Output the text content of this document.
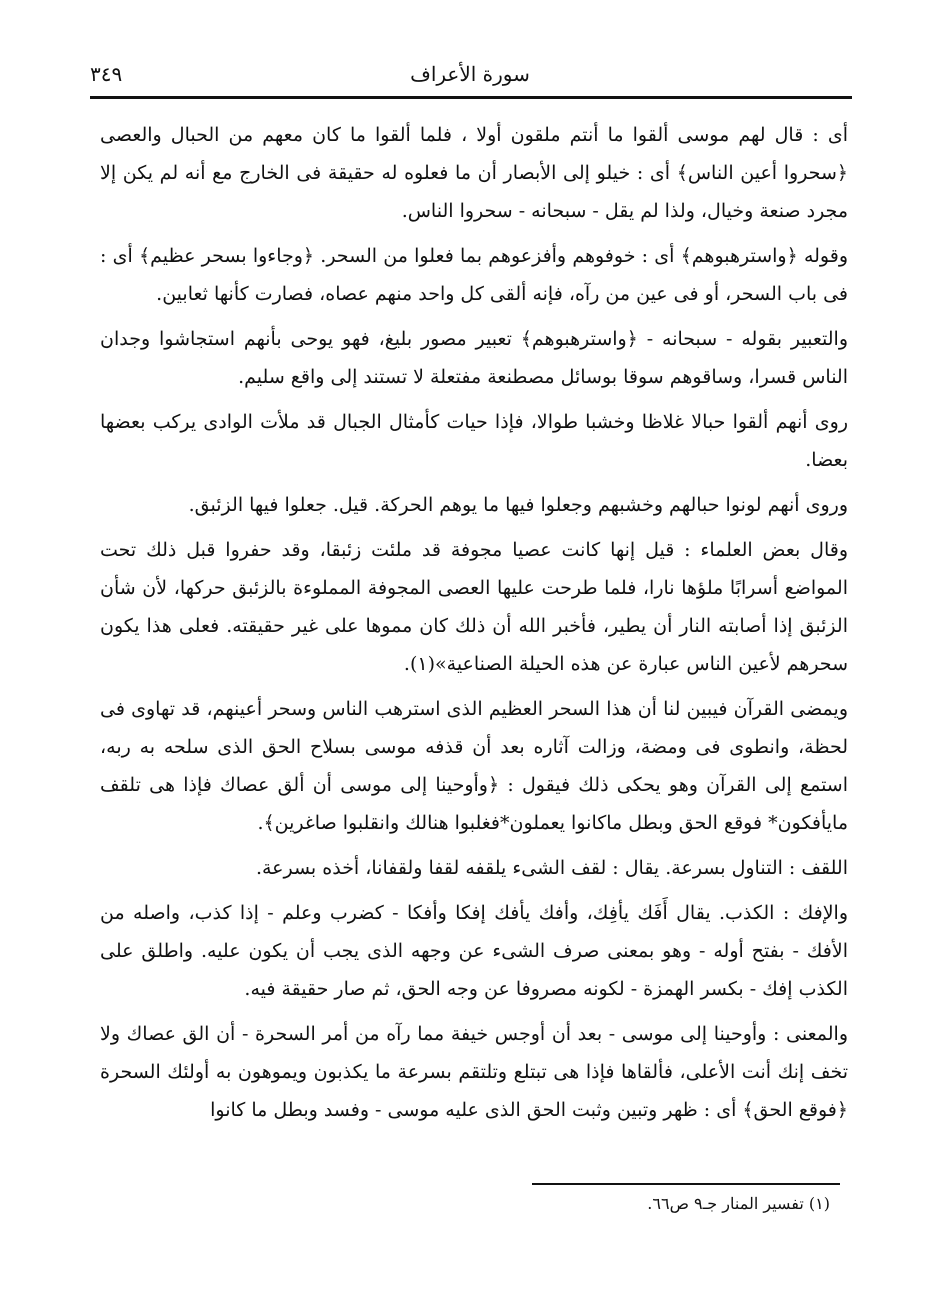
سورة الأعراف
٣٤٩

أى : قال لهم موسى ألقوا ما أنتم ملقون أولا ، فلما ألقوا ما كان معهم من الحبال والعصى ﴿سحروا أعين الناس﴾ أى : خيلو إلى الأبصار أن ما فعلوه له حقيقة فى الخارج مع أنه لم يكن إلا مجرد صنعة وخيال، ولذا لم يقل - سبحانه - سحروا الناس.

وقوله ﴿واسترهبوهم﴾ أى : خوفوهم وأفزعوهم بما فعلوا من السحر. ﴿وجاءوا بسحر عظيم﴾ أى : فى باب السحر، أو فى عين من رآه، فإنه ألقى كل واحد منهم عصاه، فصارت كأنها ثعابين.

والتعبير بقوله - سبحانه - ﴿واسترهبوهم﴾ تعبير مصور بليغ، فهو يوحى بأنهم استجاشوا وجدان الناس قسرا، وساقوهم سوقا بوسائل مصطنعة مفتعلة لا تستند إلى واقع سليم.

روى أنهم ألقوا حبالا غلاظا وخشبا طوالا، فإذا حيات كأمثال الجبال قد ملأت الوادى يركب بعضها بعضا.

وروى أنهم لونوا حبالهم وخشبهم وجعلوا فيها ما يوهم الحركة. قيل. جعلوا فيها الزئبق.

وقال بعض العلماء : قيل إنها كانت عصيا مجوفة قد ملئت زئبقا، وقد حفروا قبل ذلك تحت المواضع أسرابًا ملؤها نارا، فلما طرحت عليها العصى المجوفة المملوءة بالزئبق حركها، لأن شأن الزئبق إذا أصابته النار أن يطير، فأخبر الله أن ذلك كان مموها على غير حقيقته. فعلى هذا يكون سحرهم لأعين الناس عبارة عن هذه الحيلة الصناعية»(١).

ويمضى القرآن فيبين لنا أن هذا السحر العظيم الذى استرهب الناس وسحر أعينهم، قد تهاوى فى لحظة، وانطوى فى ومضة، وزالت آثاره بعد أن قذفه موسى بسلاح الحق الذى سلحه به ربه، استمع إلى القرآن وهو يحكى ذلك فيقول : ﴿وأوحينا إلى موسى أن ألق عصاك فإذا هى تلقف مايأفكون* فوقع الحق وبطل ماكانوا يعملون*فغلبوا هنالك وانقلبوا صاغرين﴾.

اللقف : التناول بسرعة. يقال : لقف الشىء يلقفه لقفا ولقفانا، أخذه بسرعة.

والإفك : الكذب. يقال أَفَك يأفِك، وأفك يأفك إفكا وأفكا - كضرب وعلم - إذا كذب، واصله من الأفك - بفتح أوله - وهو بمعنى صرف الشىء عن وجهه الذى يجب أن يكون عليه. واطلق على الكذب إفك - بكسر الهمزة - لكونه مصروفا عن وجه الحق، ثم صار حقيقة فيه.

والمعنى : وأوحينا إلى موسى - بعد أن أوجس خيفة مما رآه من أمر السحرة - أن الق عصاك ولا تخف إنك أنت الأعلى، فألقاها فإذا هى تبتلع وتلتقم بسرعة ما يكذبون ويموهون به أولئك السحرة ﴿فوقع الحق﴾ أى : ظهر وتبين وثبت الحق الذى عليه موسى - وفسد وبطل ما كانوا

(١) تفسير المنار جـ٩ ص٦٦.
